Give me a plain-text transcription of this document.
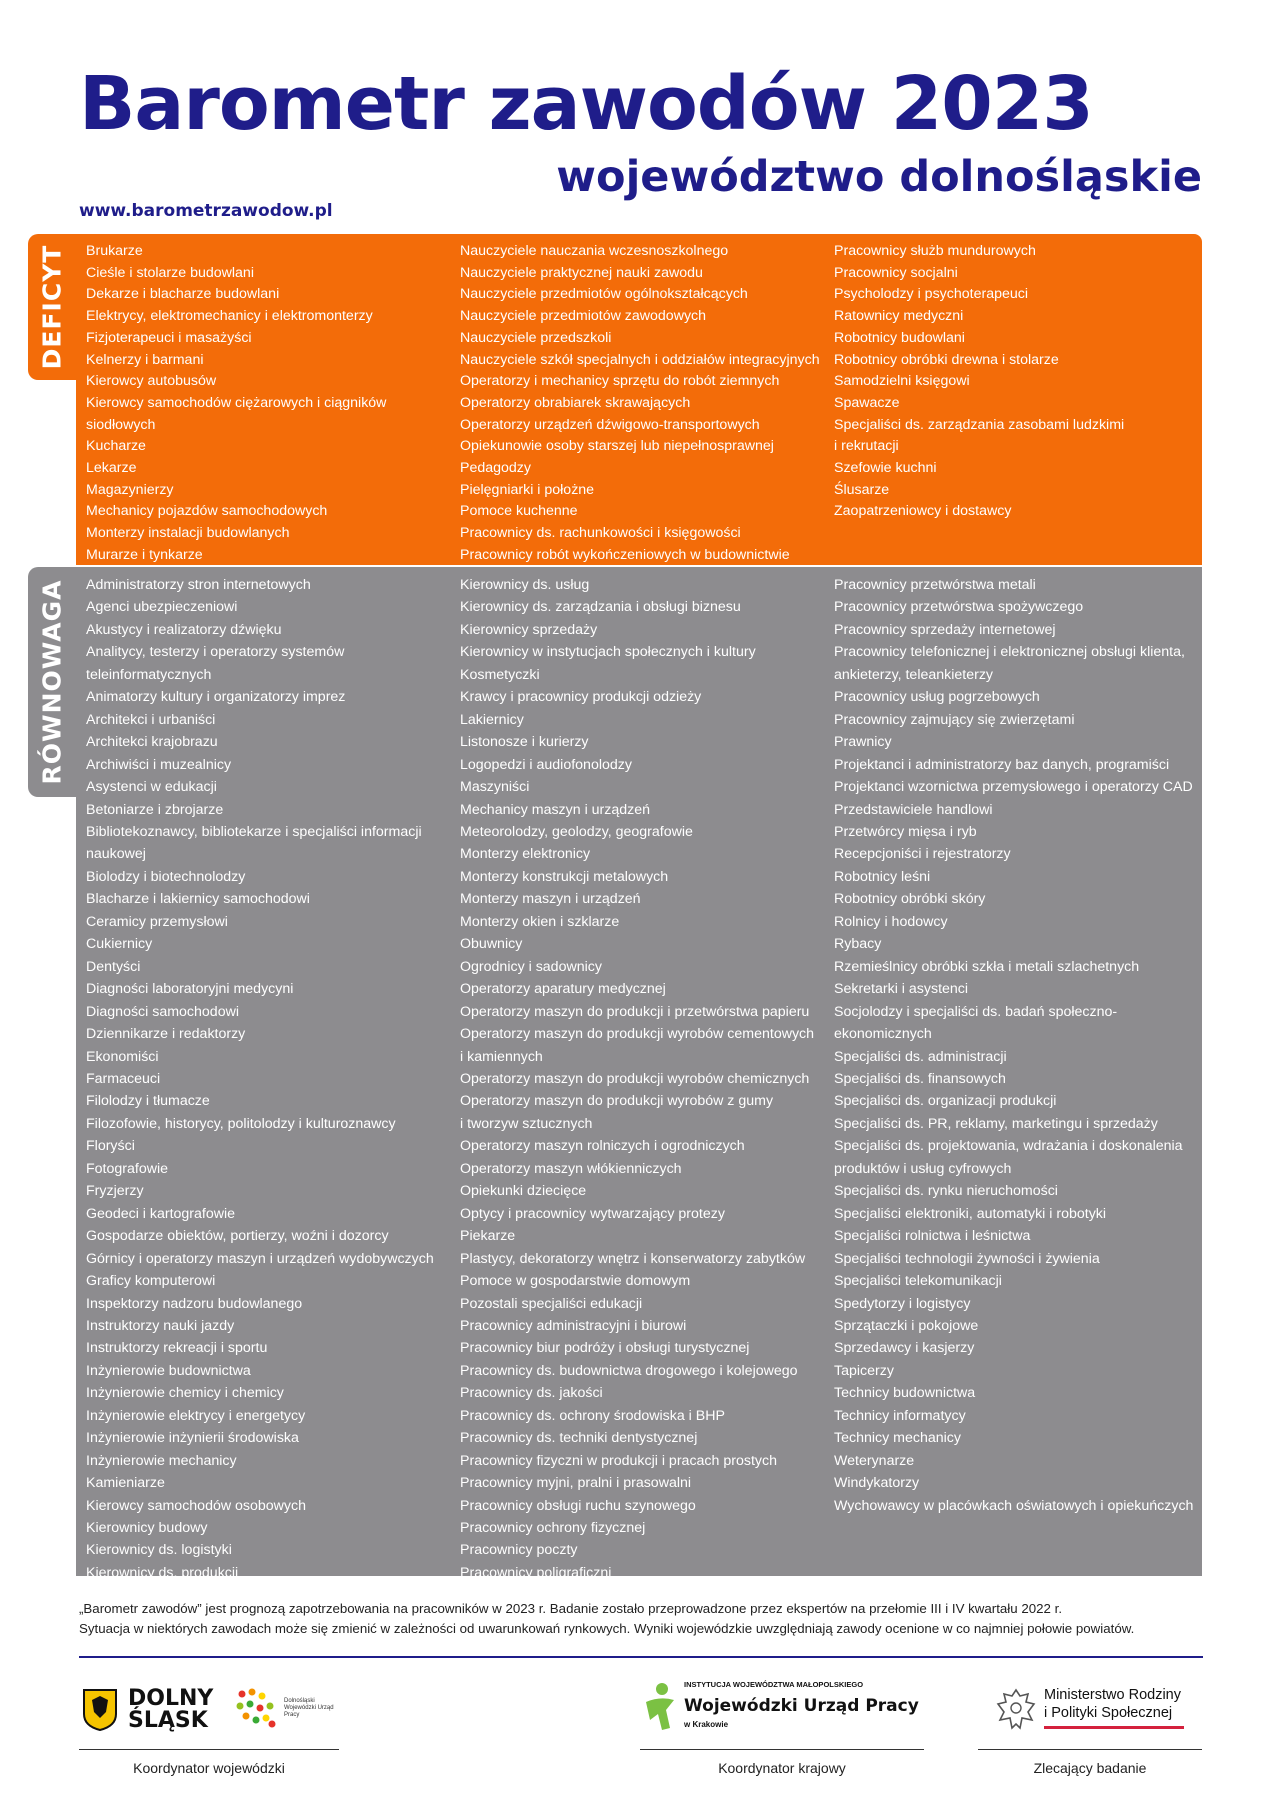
Barometr zawodów 2023
województwo dolnośląskie
www.barometrzawodow.pl
DEFICYT Brukarze
Cieśle i stolarze budowlani
Dekarze i blacharze budowlani
Elektrycy, elektromechanicy i elektromonterzy
Fizjoterapeuci i masażyści
Kelnerzy i barmani
Kierowcy autobusów
Kierowcy samochodów ciężarowych i ciągników
siodłowych
Kucharze
Lekarze
Magazynierzy
Mechanicy pojazdów samochodowych
Monterzy instalacji budowlanych
Murarze i tynkarze
Nauczyciele nauczania wczesnoszkolnego
Nauczyciele praktycznej nauki zawodu
Nauczyciele przedmiotów ogólnokształcących
Nauczyciele przedmiotów zawodowych
Nauczyciele przedszkoli
Nauczyciele szkół specjalnych i oddziałów integracyjnych
Operatorzy i mechanicy sprzętu do robót ziemnych
Operatorzy obrabiarek skrawających
Operatorzy urządzeń dźwigowo-transportowych
Opiekunowie osoby starszej lub niepełnosprawnej
Pedagodzy
Pielęgniarki i położne
Pomoce kuchenne
Pracownicy ds. rachunkowości i księgowości
Pracownicy robót wykończeniowych w budownictwie
Pracownicy służb mundurowych
Pracownicy socjalni
Psycholodzy i psychoterapeuci
Ratownicy medyczni
Robotnicy budowlani
Robotnicy obróbki drewna i stolarze
Samodzielni księgowi
Spawacze
Specjaliści ds. zarządzania zasobami ludzkimi
i rekrutacji
Szefowie kuchni
Ślusarze
Zaopatrzeniowcy i dostawcy
RÓWNOWAGA Administratorzy stron internetowych
Agenci ubezpieczeniowi
Akustycy i realizatorzy dźwięku
Analitycy, testerzy i operatorzy systemów
teleinformatycznych
Animatorzy kultury i organizatorzy imprez
Architekci i urbaniści
Architekci krajobrazu
Archiwiści i muzealnicy
Asystenci w edukacji
Betoniarze i zbrojarze
Bibliotekoznawcy, bibliotekarze i specjaliści informacji
naukowej
Biolodzy i biotechnolodzy
Blacharze i lakiernicy samochodowi
Ceramicy przemysłowi
Cukiernicy
Dentyści
Diagności laboratoryjni medycyni
Diagności samochodowi
Dziennikarze i redaktorzy
Ekonomiści
Farmaceuci
Filolodzy i tłumacze
Filozofowie, historycy, politolodzy i kulturoznawcy
Floryści
Fotografowie
Fryzjerzy
Geodeci i kartografowie
Gospodarze obiektów, portierzy, woźni i dozorcy
Górnicy i operatorzy maszyn i urządzeń wydobywczych
Graficy komputerowi
Inspektorzy nadzoru budowlanego
Instruktorzy nauki jazdy
Instruktorzy rekreacji i sportu
Inżynierowie budownictwa
Inżynierowie chemicy i chemicy
Inżynierowie elektrycy i energetycy
Inżynierowie inżynierii środowiska
Inżynierowie mechanicy
Kamieniarze
Kierowcy samochodów osobowych
Kierownicy budowy
Kierownicy ds. logistyki
Kierownicy ds. produkcji
Kierownicy ds. usług
Kierownicy ds. zarządzania i obsługi biznesu
Kierownicy sprzedaży
Kierownicy w instytucjach społecznych i kultury
Kosmetyczki
Krawcy i pracownicy produkcji odzieży
Lakiernicy
Listonosze i kurierzy
Logopedzi i audiofonolodzy
Maszyniści
Mechanicy maszyn i urządzeń
Meteorolodzy, geolodzy, geografowie
Monterzy elektronicy
Monterzy konstrukcji metalowych
Monterzy maszyn i urządzeń
Monterzy okien i szklarze
Obuwnicy
Ogrodnicy i sadownicy
Operatorzy aparatury medycznej
Operatorzy maszyn do produkcji i przetwórstwa papieru
Operatorzy maszyn do produkcji wyrobów cementowych
i kamiennych
Operatorzy maszyn do produkcji wyrobów chemicznych
Operatorzy maszyn do produkcji wyrobów z gumy
i tworzyw sztucznych
Operatorzy maszyn rolniczych i ogrodniczych
Operatorzy maszyn włókienniczych
Opiekunki dziecięce
Optycy i pracownicy wytwarzający protezy
Piekarze
Plastycy, dekoratorzy wnętrz i konserwatorzy zabytków
Pomoce w gospodarstwie domowym
Pozostali specjaliści edukacji
Pracownicy administracyjni i biurowi
Pracownicy biur podróży i obsługi turystycznej
Pracownicy ds. budownictwa drogowego i kolejowego
Pracownicy ds. jakości
Pracownicy ds. ochrony środowiska i BHP
Pracownicy ds. techniki dentystycznej
Pracownicy fizyczni w produkcji i pracach prostych
Pracownicy myjni, pralni i prasowalni
Pracownicy obsługi ruchu szynowego
Pracownicy ochrony fizycznej
Pracownicy poczty
Pracownicy poligraficzni
Pracownicy przetwórstwa metali
Pracownicy przetwórstwa spożywczego
Pracownicy sprzedaży internetowej
Pracownicy telefonicznej i elektronicznej obsługi klienta,
ankieterzy, teleankieterzy
Pracownicy usług pogrzebowych
Pracownicy zajmujący się zwierzętami
Prawnicy
Projektanci i administratorzy baz danych, programiści
Projektanci wzornictwa przemysłowego i operatorzy CAD
Przedstawiciele handlowi
Przetwórcy mięsa i ryb
Recepcjoniści i rejestratorzy
Robotnicy leśni
Robotnicy obróbki skóry
Rolnicy i hodowcy
Rybacy
Rzemieślnicy obróbki szkła i metali szlachetnych
Sekretarki i asystenci
Socjolodzy i specjaliści ds. badań społeczno-
ekonomicznych
Specjaliści ds. administracji
Specjaliści ds. finansowych
Specjaliści ds. organizacji produkcji
Specjaliści ds. PR, reklamy, marketingu i sprzedaży
Specjaliści ds. projektowania, wdrażania i doskonalenia
produktów i usług cyfrowych
Specjaliści ds. rynku nieruchomości
Specjaliści elektroniki, automatyki i robotyki
Specjaliści rolnictwa i leśnictwa
Specjaliści technologii żywności i żywienia
Specjaliści telekomunikacji
Spedytorzy i logistycy
Sprzątaczki i pokojowe
Sprzedawcy i kasjerzy
Tapicerzy
Technicy budownictwa
Technicy informatycy
Technicy mechanicy
Weterynarze
Windykatorzy
Wychowawcy w placówkach oświatowych i opiekuńczych

„Barometr zawodów” jest prognozą zapotrzebowania na pracowników w 2023 r. Badanie zostało przeprowadzone przez ekspertów na przełomie III i IV kwartału 2022 r.

Sytuacja w niektórych zawodach może się zmienić w zależności od uwarunkowań rynkowych. Wyniki wojewódzkie uwzględniają zawody ocenione w co najmniej połowie powiatów.

DOLNY
ŚLĄSK
Dolnośląski Wojewódzki Urząd Pracy
Koordynator wojewódzki
INSTYTUCJA WOJEWÓDZTWA MAŁOPOLSKIEGO
Wojewódzki Urząd Pracy
w Krakowie
Koordynator krajowy
Ministerstwo Rodziny
i Polityki Społecznej
Zlecający badanie
